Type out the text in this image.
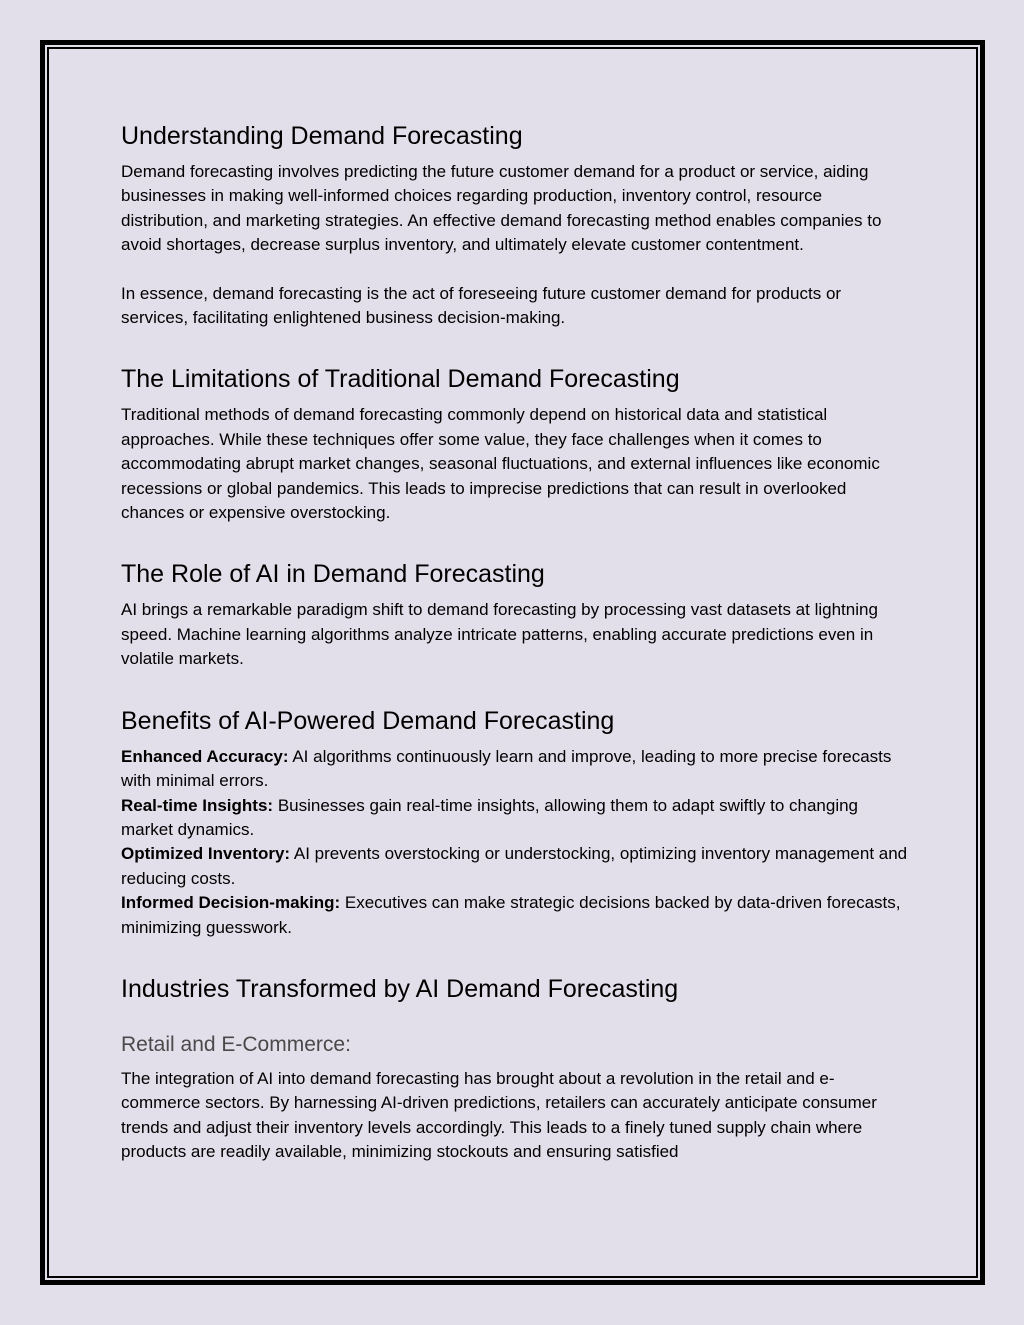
Understanding Demand Forecasting

Demand forecasting involves predicting the future customer demand for a product or service, aiding businesses in making well-informed choices regarding production, inventory control, resource distribution, and marketing strategies. An effective demand forecasting method enables companies to avoid shortages, decrease surplus inventory, and ultimately elevate customer contentment.

In essence, demand forecasting is the act of foreseeing future customer demand for products or services, facilitating enlightened business decision-making.

The Limitations of Traditional Demand Forecasting

Traditional methods of demand forecasting commonly depend on historical data and statistical approaches. While these techniques offer some value, they face challenges when it comes to accommodating abrupt market changes, seasonal fluctuations, and external influences like economic recessions or global pandemics. This leads to imprecise predictions that can result in overlooked chances or expensive overstocking.

The Role of AI in Demand Forecasting

AI brings a remarkable paradigm shift to demand forecasting by processing vast datasets at lightning speed. Machine learning algorithms analyze intricate patterns, enabling accurate predictions even in volatile markets.

Benefits of AI-Powered Demand Forecasting

Enhanced Accuracy: AI algorithms continuously learn and improve, leading to more precise forecasts with minimal errors.

Real-time Insights: Businesses gain real-time insights, allowing them to adapt swiftly to changing market dynamics.

Optimized Inventory: AI prevents overstocking or understocking, optimizing inventory management and reducing costs.

Informed Decision-making: Executives can make strategic decisions backed by data-driven forecasts, minimizing guesswork.

Industries Transformed by AI Demand Forecasting
Retail and E-Commerce:

The integration of AI into demand forecasting has brought about a revolution in the retail and e-commerce sectors. By harnessing AI-driven predictions, retailers can accurately anticipate consumer trends and adjust their inventory levels accordingly. This leads to a finely tuned supply chain where products are readily available, minimizing stockouts and ensuring satisfied
